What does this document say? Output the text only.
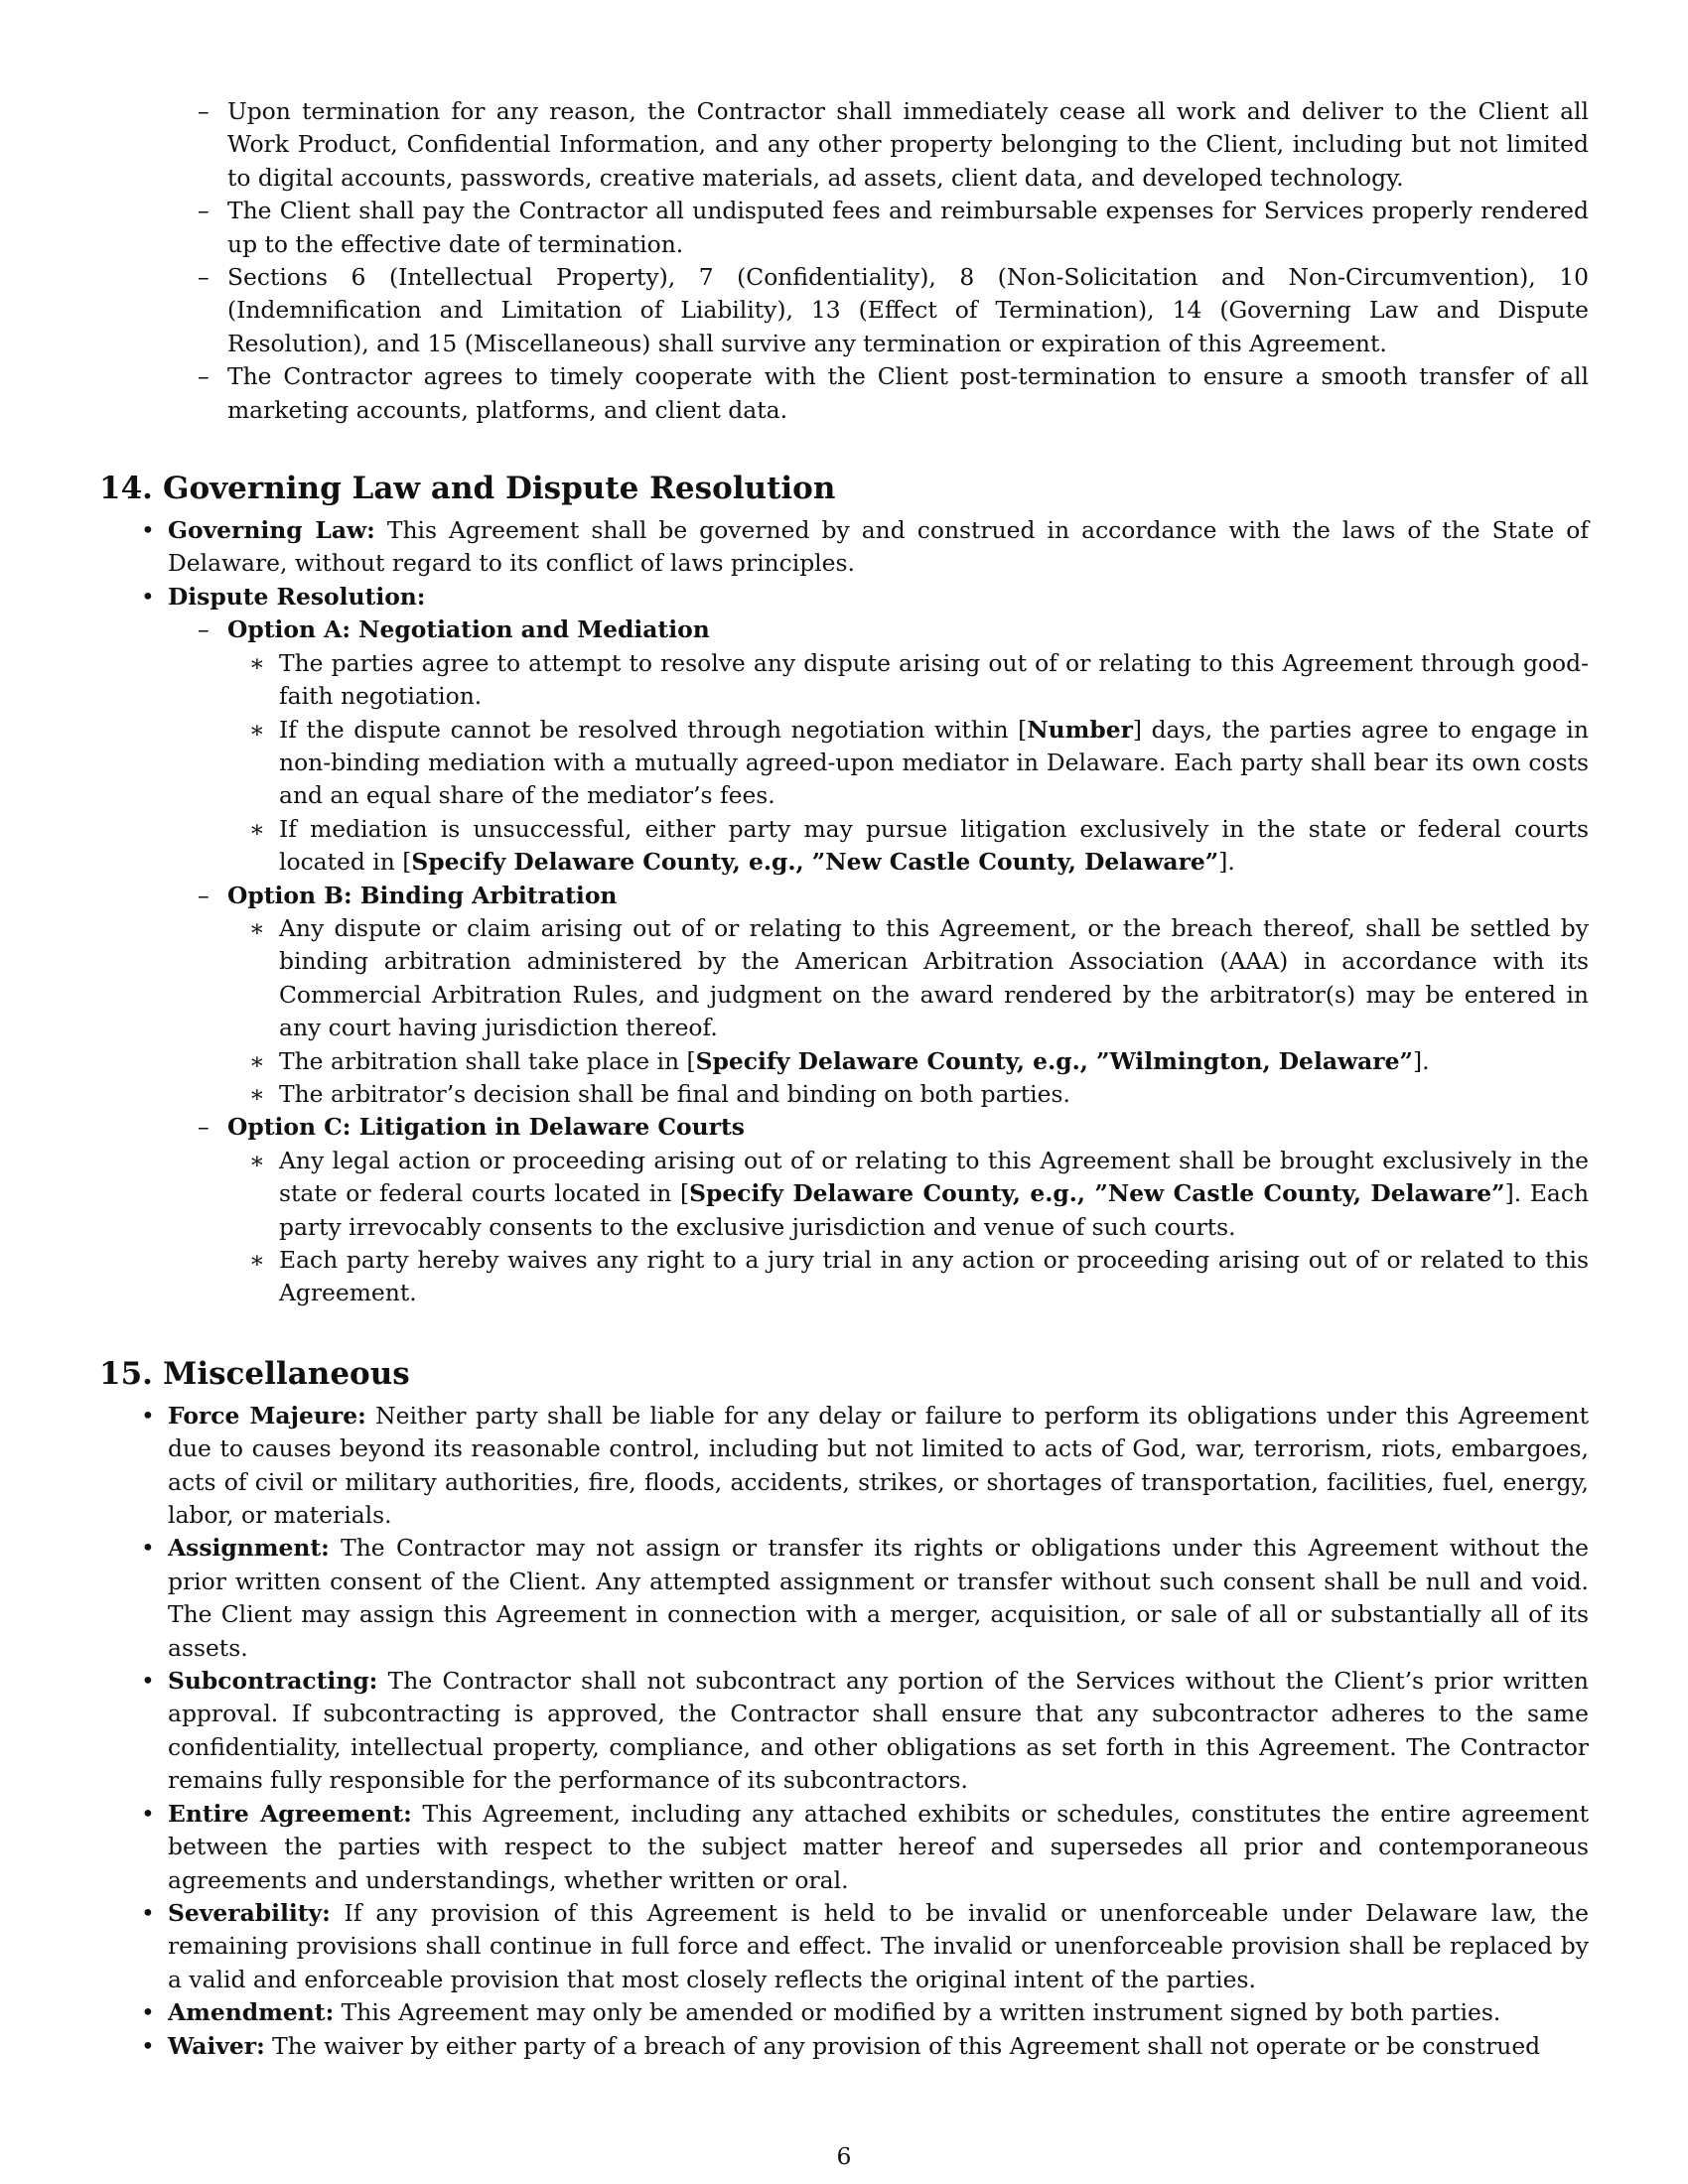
– Upon termination for any reason, the Contractor shall immediately cease all work and deliver to the Client all Work Product, Confidential Information, and any other property belonging to the Client, including but not limited to digital accounts, passwords, creative materials, ad assets, client data, and developed technology.
– The Client shall pay the Contractor all undisputed fees and reimbursable expenses for Services properly rendered up to the effective date of termination.
– Sections 6 (Intellectual Property), 7 (Confidentiality), 8 (Non-Solicitation and Non-Circumvention), 10 (Indemnification and Limitation of Liability), 13 (Effect of Termination), 14 (Governing Law and Dispute Resolution), and 15 (Miscellaneous) shall survive any termination or expiration of this Agreement.
– The Contractor agrees to timely cooperate with the Client post-termination to ensure a smooth transfer of all marketing accounts, platforms, and client data.
14. Governing Law and Dispute Resolution
• Governing Law: This Agreement shall be governed by and construed in accordance with the laws of the State of Delaware, without regard to its conflict of laws principles.
• Dispute Resolution:
– Option A: Negotiation and Mediation
∗ The parties agree to attempt to resolve any dispute arising out of or relating to this Agreement through good-faith negotiation.
∗ If the dispute cannot be resolved through negotiation within [Number] days, the parties agree to engage in non-binding mediation with a mutually agreed-upon mediator in Delaware. Each party shall bear its own costs and an equal share of the mediator’s fees.
∗ If mediation is unsuccessful, either party may pursue litigation exclusively in the state or federal courts located in [Specify Delaware County, e.g., ”New Castle County, Delaware”].
– Option B: Binding Arbitration
∗ Any dispute or claim arising out of or relating to this Agreement, or the breach thereof, shall be settled by binding arbitration administered by the American Arbitration Association (AAA) in accordance with its Commercial Arbitration Rules, and judgment on the award rendered by the arbitrator(s) may be entered in any court having jurisdiction thereof.
∗ The arbitration shall take place in [Specify Delaware County, e.g., ”Wilmington, Delaware”].
∗ The arbitrator’s decision shall be final and binding on both parties.
– Option C: Litigation in Delaware Courts
∗ Any legal action or proceeding arising out of or relating to this Agreement shall be brought exclusively in the state or federal courts located in [Specify Delaware County, e.g., ”New Castle County, Delaware”]. Each party irrevocably consents to the exclusive jurisdiction and venue of such courts.
∗ Each party hereby waives any right to a jury trial in any action or proceeding arising out of or related to this Agreement.
15. Miscellaneous
• Force Majeure: Neither party shall be liable for any delay or failure to perform its obligations under this Agreement due to causes beyond its reasonable control, including but not limited to acts of God, war, terrorism, riots, embargoes, acts of civil or military authorities, fire, floods, accidents, strikes, or shortages of transportation, facilities, fuel, energy, labor, or materials.
• Assignment: The Contractor may not assign or transfer its rights or obligations under this Agreement without the prior written consent of the Client. Any attempted assignment or transfer without such consent shall be null and void. The Client may assign this Agreement in connection with a merger, acquisition, or sale of all or substantially all of its assets.
• Subcontracting: The Contractor shall not subcontract any portion of the Services without the Client’s prior written approval. If subcontracting is approved, the Contractor shall ensure that any subcontractor adheres to the same confidentiality, intellectual property, compliance, and other obligations as set forth in this Agreement. The Contractor remains fully responsible for the performance of its subcontractors.
• Entire Agreement: This Agreement, including any attached exhibits or schedules, constitutes the entire agreement between the parties with respect to the subject matter hereof and supersedes all prior and contemporaneous agreements and understandings, whether written or oral.
• Severability: If any provision of this Agreement is held to be invalid or unenforceable under Delaware law, the remaining provisions shall continue in full force and effect. The invalid or unenforceable provision shall be replaced by a valid and enforceable provision that most closely reflects the original intent of the parties.
• Amendment: This Agreement may only be amended or modified by a written instrument signed by both parties.
• Waiver: The waiver by either party of a breach of any provision of this Agreement shall not operate or be construed
6
